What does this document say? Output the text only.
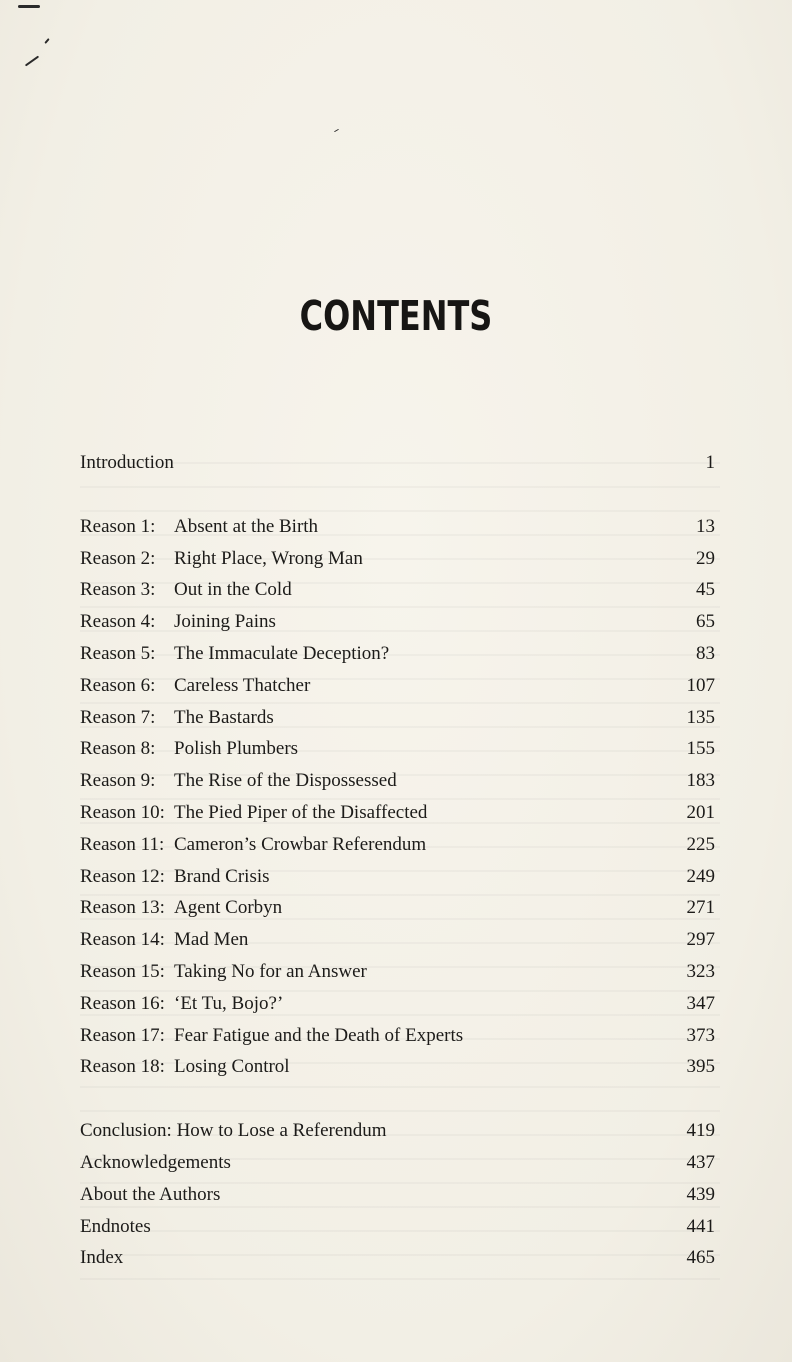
CONTENTS
Introduction	1
Reason 1: Absent at the Birth	13
Reason 2: Right Place, Wrong Man	29
Reason 3: Out in the Cold	45
Reason 4: Joining Pains	65
Reason 5: The Immaculate Deception?	83
Reason 6: Careless Thatcher	107
Reason 7: The Bastards	135
Reason 8: Polish Plumbers	155
Reason 9: The Rise of the Dispossessed	183
Reason 10: The Pied Piper of the Disaffected	201
Reason 11: Cameron’s Crowbar Referendum	225
Reason 12: Brand Crisis	249
Reason 13: Agent Corbyn	271
Reason 14: Mad Men	297
Reason 15: Taking No for an Answer	323
Reason 16: ‘Et Tu, Bojo?’	347
Reason 17: Fear Fatigue and the Death of Experts	373
Reason 18: Losing Control	395
Conclusion: How to Lose a Referendum	419
Acknowledgements	437
About the Authors	439
Endnotes	441
Index	465
